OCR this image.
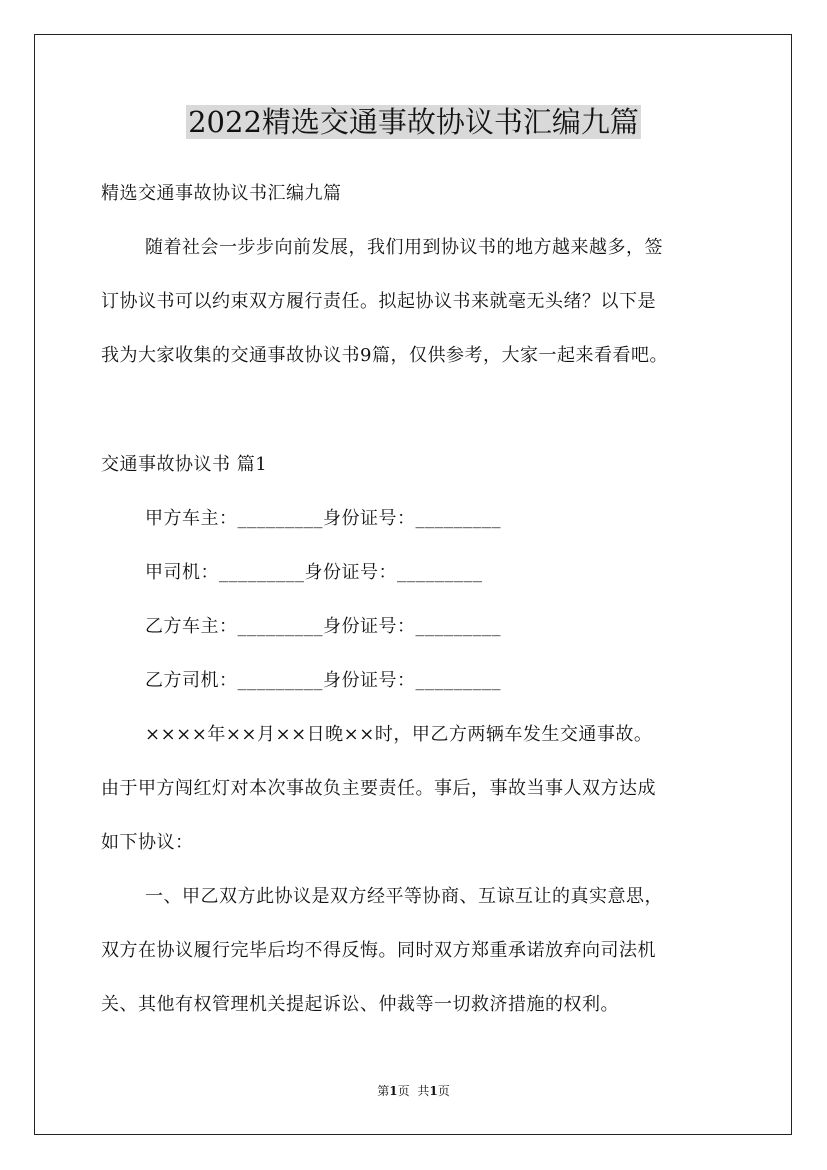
2022精选交通事故协议书汇编九篇

精选交通事故协议书汇编九篇

随着社会一步步向前发展，我们用到协议书的地方越来越多，签

订协议书可以约束双方履行责任。拟起协议书来就毫无头绪？以下是

我为大家收集的交通事故协议书9篇，仅供参考，大家一起来看看吧。

交通事故协议书 篇1

甲方车主：_________身份证号：_________

甲司机：_________身份证号：_________

乙方车主：_________身份证号：_________

乙方司机：_________身份证号：_________

××××年××月××日晚××时，甲乙方两辆车发生交通事故。

由于甲方闯红灯对本次事故负主要责任。事后，事故当事人双方达成

如下协议：

一、甲乙双方此协议是双方经平等协商、互谅互让的真实意思，

双方在协议履行完毕后均不得反悔。同时双方郑重承诺放弃向司法机

关、其他有权管理机关提起诉讼、仲裁等一切救济措施的权利。

第1页 共1页
